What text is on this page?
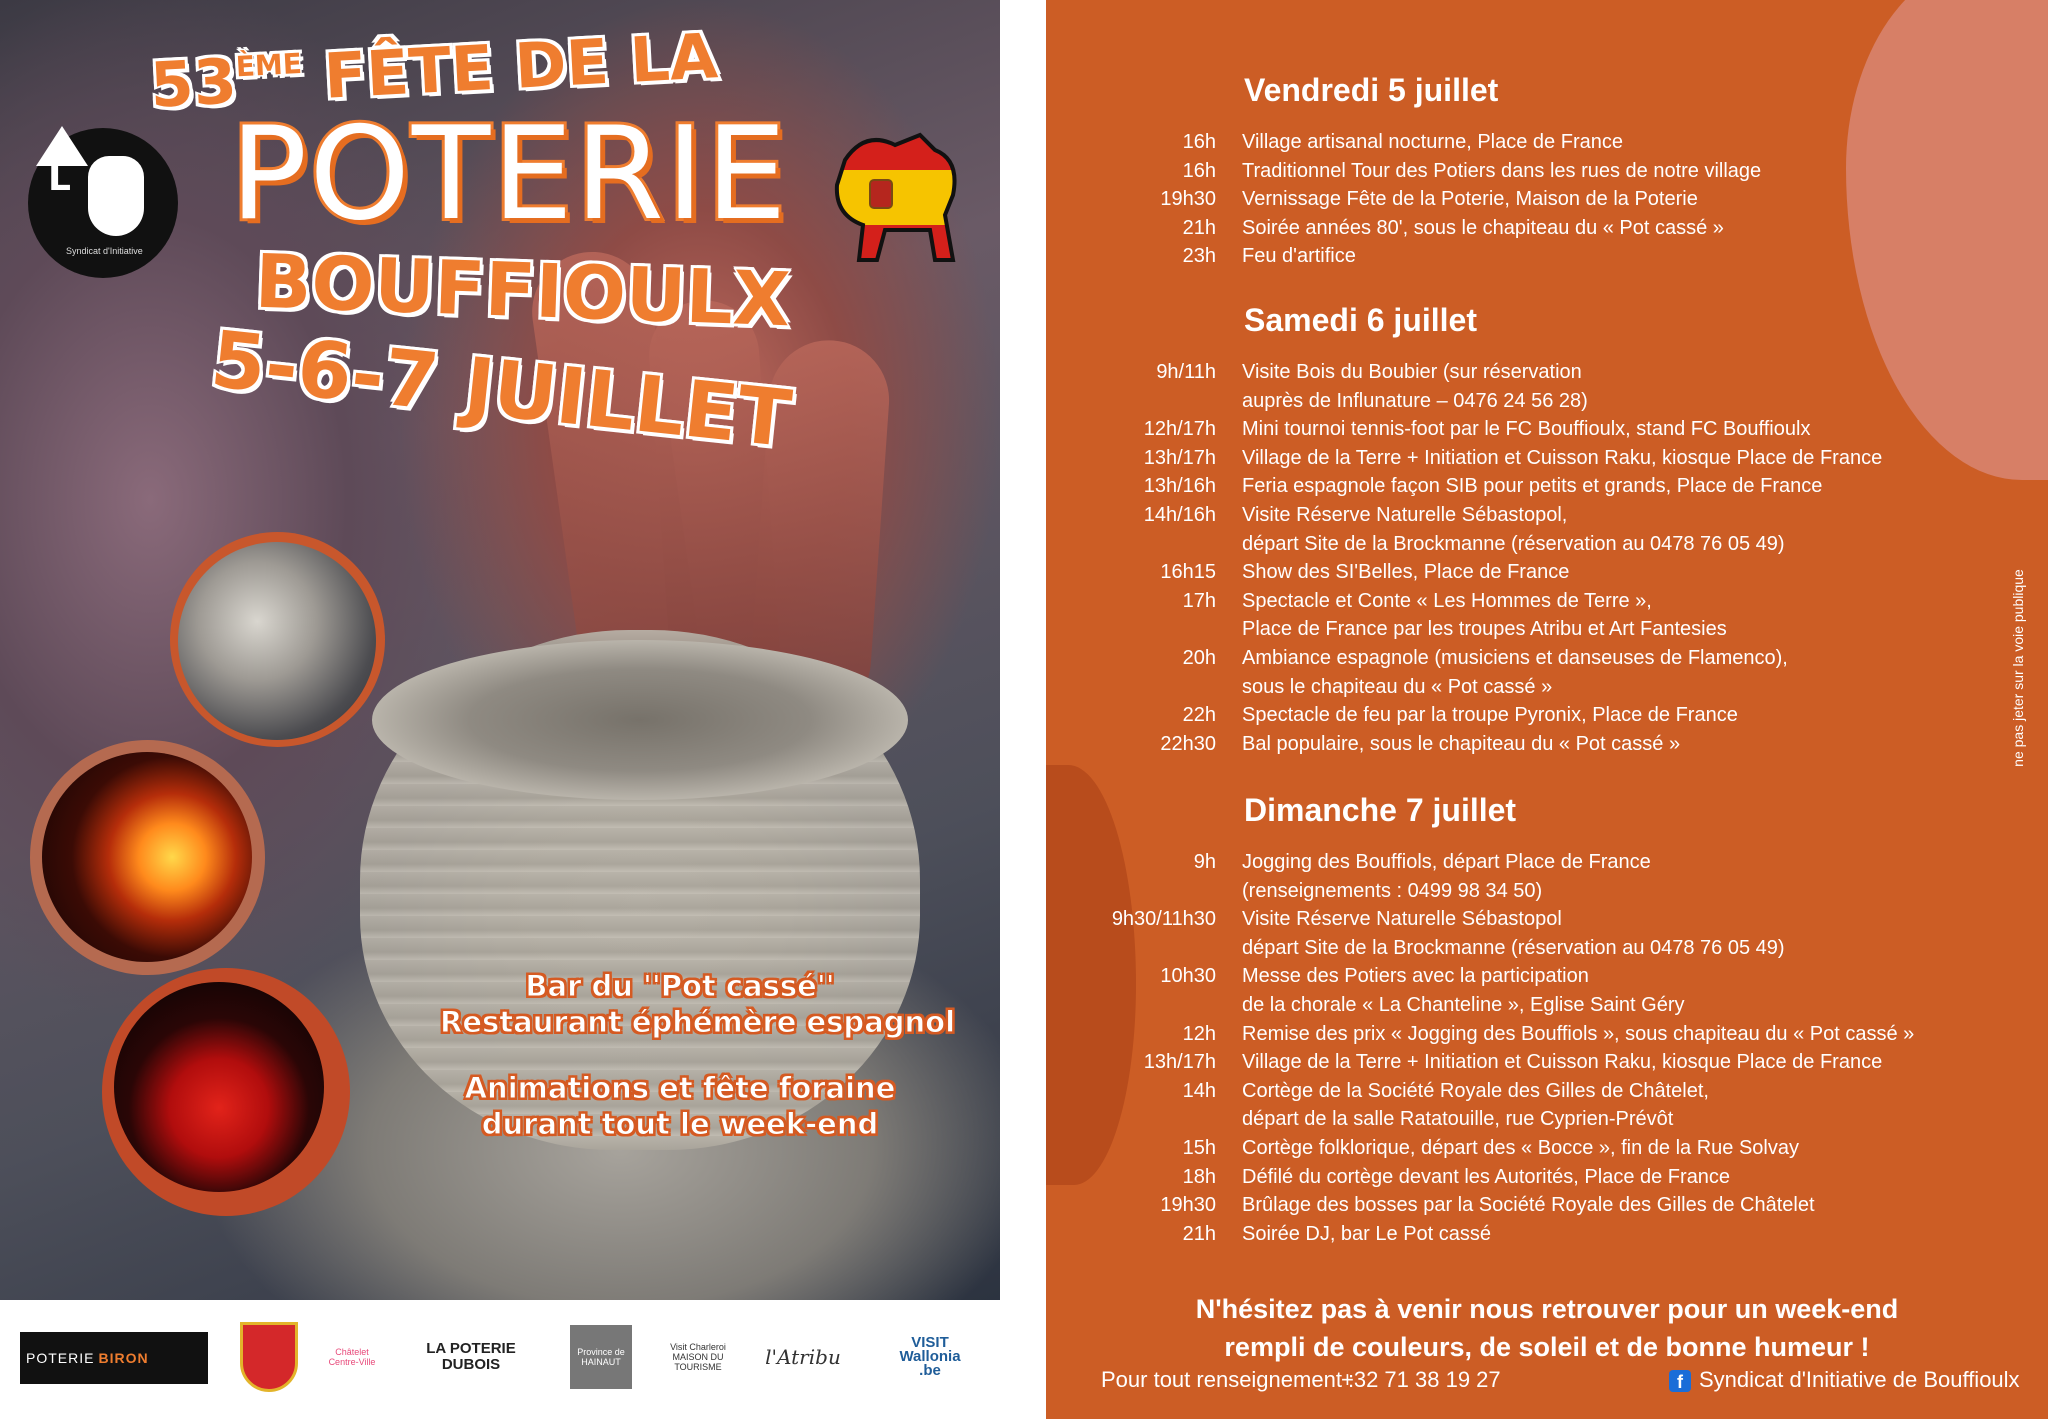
53ÈME FÊTE DE LA
POTERIE
BOUFFIOULX
5-6-7 JUILLET
L
Syndicat d'Initiative
Bar du ''Pot cassé''
Restaurant éphémère espagnol
Animations et fête foraine
durant tout le week-end
POTERIE BIRON	Châtelet Centre-Ville
LA POTERIE DUBOIS
Province de HAINAUT
Visit Charleroi MAISON DU TOURISME	l'Atribu
VISIT Wallonia .be
Vendredi 5 juillet
16h Village artisanal nocturne, Place de France
16h Traditionnel Tour des Potiers dans les rues de notre village
19h30 Vernissage Fête de la Poterie, Maison de la Poterie
21h Soirée années 80', sous le chapiteau du « Pot cassé »
23h Feu d'artifice
Samedi 6 juillet
9h/11h Visite Bois du Boubier (sur réservation
auprès de Influnature – 0476 24 56 28)
12h/17h Mini tournoi tennis-foot par le FC Bouffioulx, stand FC Bouffioulx
13h/17h Village de la Terre + Initiation et Cuisson Raku, kiosque Place de France
13h/16h Feria espagnole façon SIB pour petits et grands, Place de France
14h/16h Visite Réserve Naturelle Sébastopol,
départ Site de la Brockmanne (réservation au 0478 76 05 49)
16h15 Show des SI'Belles, Place de France
17h Spectacle et Conte « Les Hommes de Terre »,
Place de France par les troupes Atribu et Art Fantesies
20h Ambiance espagnole (musiciens et danseuses de Flamenco),
sous le chapiteau du « Pot cassé »
22h Spectacle de feu par la troupe Pyronix, Place de France
22h30 Bal populaire, sous le chapiteau du « Pot cassé »
Dimanche 7 juillet
9h Jogging des Bouffiols, départ Place de France
(renseignements : 0499 98 34 50)
9h30/11h30 Visite Réserve Naturelle Sébastopol
départ Site de la Brockmanne (réservation au 0478 76 05 49)
10h30 Messe des Potiers avec la participation
de la chorale « La Chanteline », Eglise Saint Géry
12h Remise des prix « Jogging des Bouffiols », sous chapiteau du « Pot cassé »
13h/17h Village de la Terre + Initiation et Cuisson Raku, kiosque Place de France
14h Cortège de la Société Royale des Gilles de Châtelet,
départ de la salle Ratatouille, rue Cyprien-Prévôt
15h Cortège folklorique, départ des « Bocce », fin de la Rue Solvay
18h Défilé du cortège devant les Autorités, Place de France
19h30 Brûlage des bosses par la Société Royale des Gilles de Châtelet
21h Soirée DJ, bar Le Pot cassé
ne pas jeter sur la voie publique
N'hésitez pas à venir nous retrouver pour un week-end
rempli de couleurs, de soleil et de bonne humeur !
Pour tout renseignement :
+32 71 38 19 27	f Syndicat d'Initiative de Bouffioulx
